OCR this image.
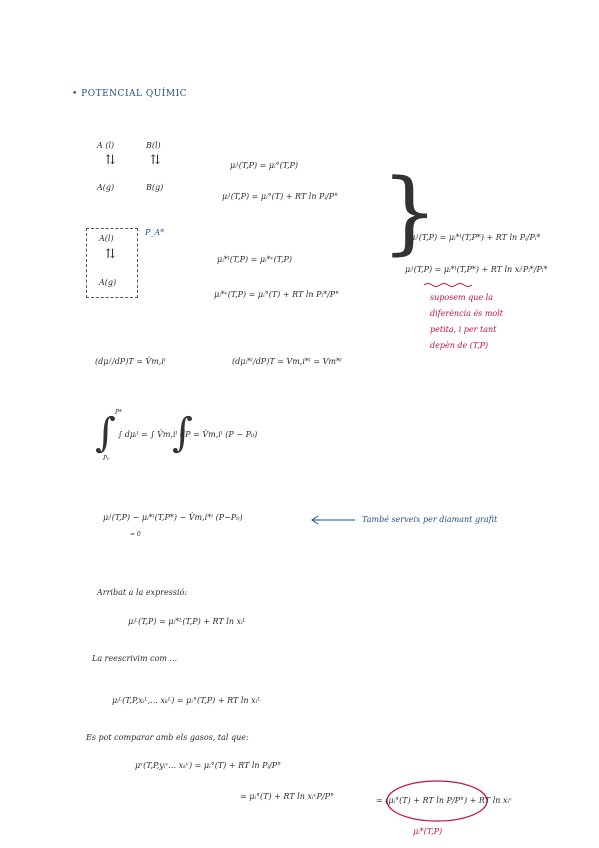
• POTENCIAL QUÍMIC
A (l)	B(l)
⇅	⇅
A(g)	B(g)
A(l)
⇅
A(g)
P_A*
μᵢˡ(T,P) = μᵢ°(T,P)
μᵢˡ(T,P) = μᵢ°(T) + RT ln Pᵢ/P°
μᵢ*ˡ(T,P) = μᵢ*ᵛ(T,P)
μᵢ*ᵛ(T,P) = μᵢ°(T) + RT ln Pᵢ*/P°
}
μᵢˡ(T,P) = μᵢ*ˡ(T,P*) + RT ln Pᵢ/Pᵢ*
μᵢˡ(T,P) = μᵢ*ˡ(T,P*) + RT ln xᵢˡPᵢ*/Pᵢ*
suposem que la
diferència és molt
petita, i per tant
depèn de (T,P)
(dμᵢˡ/dP)T = V̂m,iˡ	(dμᵢ*ˡ/dP)T = Vm,i*ˡ = Vm*ˡ
∫ ∫
P*
P₀
∫ dμᵢˡ = ∫ V̂m,iˡ dP = V̂m,iˡ (P − P₀)
μᵢˡ(T,P) − μᵢ*ˡ(T,P*) − V̂m,i*ˡ (P−P₀)
≈ 0
També serveix per diamant grafit
Arribat a la expressió:
μᵢᴸ(T,P) = μᵢ*ᴸ(T,P) + RT ln xᵢᴸ
La reescrivim com ...
μᵢᴸ(T,P,xᵢᴸ,... xₖᴸ) = μᵢ°(T,P) + RT ln xᵢᴸ
Es pot comparar amb els gasos, tal que:
μᵛ(T,P,yᵢᵛ... xₖᵛ) = μᵢ°(T) + RT ln Pᵢ/P°
= μᵢ°(T) + RT ln xᵢᵛP/P°	= (μᵢ°(T) + RT ln P/P°) + RT ln xᵢᵛ
μᵢ*(T,P)
